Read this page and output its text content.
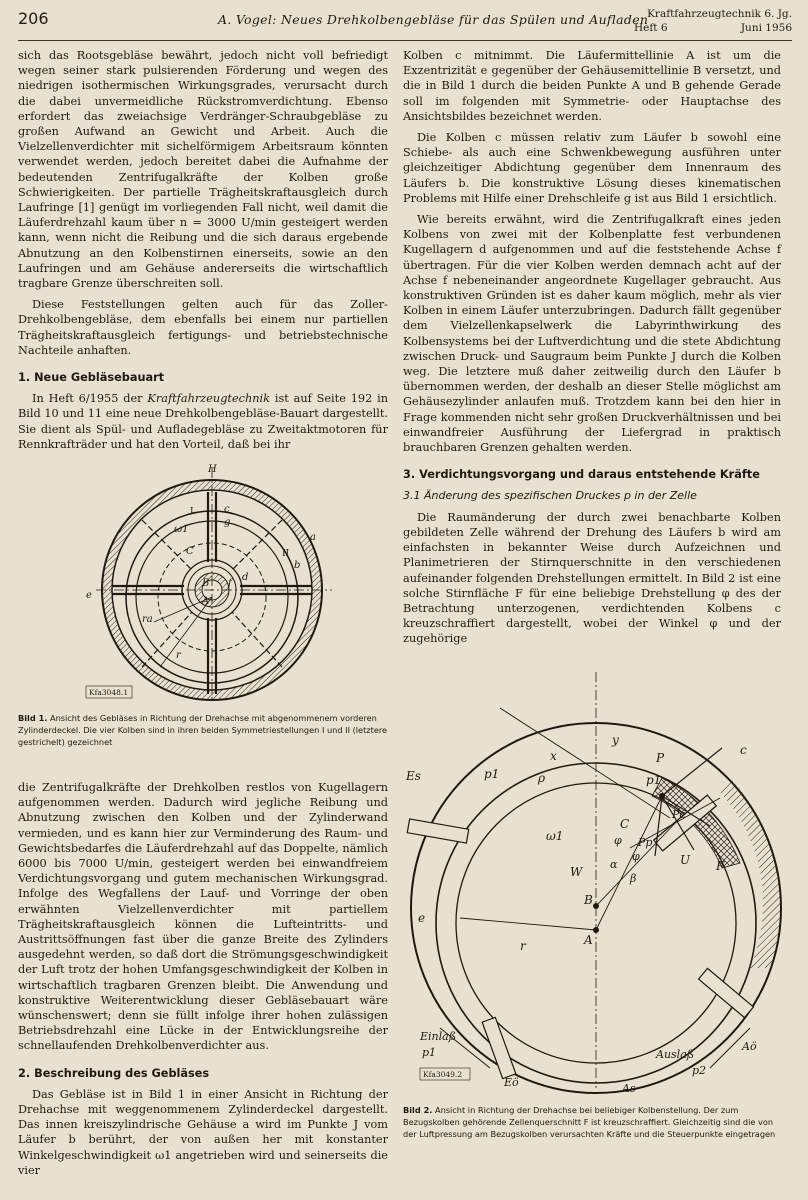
206	A. Vogel: Neues Drehkolbengebläse für das Spülen und Aufladen
Kraftfahrzeugtechnik 6. Jg.
Heft 6	Juni 1956

sich das Rootsgebläse bewährt, jedoch nicht voll befriedigt wegen seiner stark pulsierenden Förderung und wegen des niedrigen isothermischen Wirkungsgrades, verursacht durch die dabei unvermeidliche Rückstromverdichtung. Ebenso erfordert das zweiachsige Verdränger-Schraubgebläse zu großen Aufwand an Gewicht und Arbeit. Auch die Vielzellenverdichter mit sichelförmigem Arbeitsraum könnten verwendet werden, jedoch bereitet dabei die Aufnahme der bedeutenden Zentrifugalkräfte der Kolben große Schwierigkeiten. Der partielle Trägheitskraftausgleich durch Laufringe [1] genügt im vorliegenden Fall nicht, weil damit die Läuferdrehzahl kaum über n = 3000 U/min gesteigert werden kann, wenn nicht die Reibung und die sich daraus ergebende Abnutzung an den Kolbenstirnen einerseits, sowie an den Laufringen und am Gehäuse andererseits die wirtschaftlich tragbare Grenze überschreiten soll.

Diese Feststellungen gelten auch für das Zoller-Drehkolbengebläse, dem ebenfalls bei einem nur partiellen Trägheitskraftausgleich fertigungs- und betriebstechnische Nachteile anhaften.

1. Neue Gebläsebauart

In Heft 6/1955 der Kraftfahrzeugtechnik ist auf Seite 192 in Bild 10 und 11 eine neue Drehkolbengebläse-Bauart dargestellt. Sie dient als Spül- und Aufladegebläse zu Zweitaktmotoren für Rennkrafträder und hat den Vorteil, daß bei ihr

H
I
II
c
g
ω1
C
a
b
B
A
f
d
e
r
ra
Kfa3048.1
Bild 1. Ansicht des Gebläses in Richtung der Drehachse mit abgenommenem vorderen Zylinderdeckel. Die vier Kolben sind in ihren beiden Symmetriestellungen I und II (letztere gestrichelt) gezeichnet

die Zentrifugalkräfte der Drehkolben restlos von Kugellagern aufgenommen werden. Dadurch wird jegliche Reibung und Abnutzung zwischen den Kolben und der Zylinderwand vermieden, und es kann hier zur Verminderung des Raum- und Gewichtsbedarfes die Läuferdrehzahl auf das Doppelte, nämlich 6000 bis 7000 U/min, gesteigert werden bei einwandfreiem Verdichtungsvorgang und gutem mechanischen Wirkungsgrad. Infolge des Wegfallens der Lauf- und Vorringe der oben erwähnten Vielzellenverdichter mit partiellem Trägheitskraftausgleich können die Lufteintritts- und Austrittsöffnungen fast über die ganze Breite des Zylinders ausgedehnt werden, so daß dort die Strömungsgeschwindigkeit der Luft trotz der hohen Umfangsgeschwindigkeit der Kolben in wirtschaftlich tragbaren Grenzen bleibt. Die Anwendung und konstruktive Weiterentwicklung dieser Gebläsebauart wäre wünschenswert; denn sie füllt infolge ihrer hohen zulässigen Betriebsdrehzahl eine Lücke in der Entwicklungsreihe der schnellaufenden Drehkolbenverdichter aus.

2. Beschreibung des Gebläses

Das Gebläse ist in Bild 1 in einer Ansicht in Richtung der Drehachse mit weggenommenem Zylinderdeckel dargestellt. Das innen kreiszylindrische Gehäuse a wird im Punkte J vom Läufer b berührt, der von außen her mit konstanter Winkelgeschwindigkeit ω1 angetrieben wird und seinerseits die vier

Kolben c mitnimmt. Die Läufermittellinie A ist um die Exzentrizität e gegenüber der Gehäusemittellinie B versetzt, und die in Bild 1 durch die beiden Punkte A und B gehende Gerade soll im folgenden mit Symmetrie- oder Hauptachse des Ansichtsbildes bezeichnet werden.

Die Kolben c müssen relativ zum Läufer b sowohl eine Schiebe- als auch eine Schwenkbewegung ausführen unter gleichzeitiger Abdichtung gegenüber dem Innenraum des Läufers b. Die konstruktive Lösung dieses kinematischen Problems mit Hilfe einer Drehschleife g ist aus Bild 1 ersichtlich.

Wie bereits erwähnt, wird die Zentrifugalkraft eines jeden Kolbens von zwei mit der Kolbenplatte fest verbundenen Kugellagern d aufgenommen und auf die feststehende Achse f übertragen. Für die vier Kolben werden demnach acht auf der Achse f nebeneinander angeordnete Kugellager gebraucht. Aus konstruktiven Gründen ist es daher kaum möglich, mehr als vier Kolben in einem Läufer unterzubringen. Dadurch fällt gegenüber dem Vielzellenkapselwerk die Labyrinthwirkung des Kolbensystems bei der Luftverdichtung und die stete Abdichtung zwischen Druck- und Saugraum beim Punkte J durch die Kolben weg. Die letztere muß daher zeitweilig durch den Läufer b übernommen werden, der deshalb an dieser Stelle möglichst am Gehäusezylinder anlaufen muß. Trotzdem kann bei den hier in Frage kommenden nicht sehr großen Druckverhältnissen und bei einwandfreier Ausführung der Liefergrad in praktisch brauchbaren Grenzen gehalten werden.

3. Verdichtungsvorgang und daraus entstehende Kräfte
3.1 Änderung des spezifischen Druckes p in der Zelle

Die Raumänderung der durch zwei benachbarte Kolben gebildeten Zelle während der Drehung des Läufers b wird am einfachsten in bekannter Weise durch Aufzeichnen und Planimetrieren der Stirnquerschnitte in den verschiedenen aufeinander folgenden Drehstellungen ermittelt. In Bild 2 ist eine solche Stirnfläche F für eine beliebige Drehstellung φ des der Betrachtung unterzogenen, verdichtenden Kolbens c kreuzschraffiert dargestellt, wobei der Winkel φ und der zugehörige

Es	p1	p1
x
ρ
y
P
c
ω1	φ
φ
α
β
C
Pp
Pc
U F
W
B
A
e
r
Einlaß
p1	Auslaß
p2
Eö	As
Aö
Kfa3049.2
Bild 2. Ansicht in Richtung der Drehachse bei beliebiger Kolbenstellung. Der zum Bezugskolben gehörende Zellenquerschnitt F ist kreuzschraffiert. Gleichzeitig sind die von der Luftpressung am Bezugskolben verursachten Kräfte und die Steuerpunkte eingetragen
